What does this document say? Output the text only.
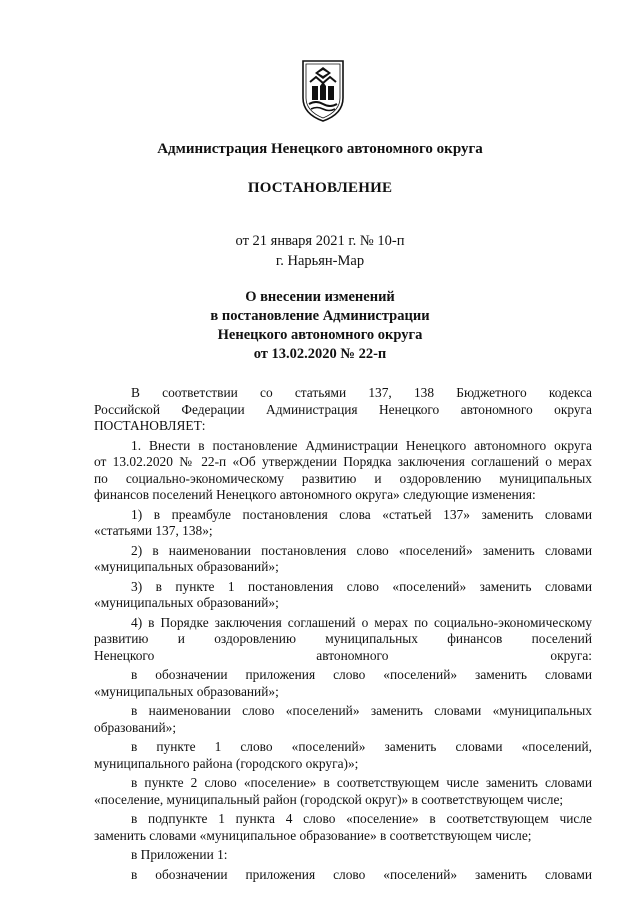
Администрация Ненецкого автономного округа
ПОСТАНОВЛЕНИЕ
от 21 января 2021 г. № 10-п
г. Нарьян-Мар
О внесении изменений
в постановление Администрации
Ненецкого автономного округа
от 13.02.2020 № 22-п
В соответствии со статьями 137, 138 Бюджетного кодекса
Российской Федерации Администрация Ненецкого автономного округа
ПОСТАНОВЛЯЕТ:
1. Внести в постановление Администрации Ненецкого автономного округа
от 13.02.2020 № 22-п «Об утверждении Порядка заключения соглашений о мерах
по социально-экономическому развитию и оздоровлению муниципальных
финансов поселений Ненецкого автономного округа» следующие изменения:
1) в преамбуле постановления слова «статьей 137» заменить словами
«статьями 137, 138»;
2) в наименовании постановления слово «поселений» заменить словами
«муниципальных образований»;
3) в пункте 1 постановления слово «поселений» заменить словами
«муниципальных образований»;
4) в Порядке заключения соглашений о мерах по социально-экономическому
развитию и оздоровлению муниципальных финансов поселений
Ненецкого автономного округа:
в обозначении приложения слово «поселений» заменить словами
«муниципальных образований»;
в наименовании слово «поселений» заменить словами «муниципальных
образований»;
в пункте 1 слово «поселений» заменить словами «поселений,
муниципального района (городского округа)»;
в пункте 2 слово «поселение» в соответствующем числе заменить словами
«поселение, муниципальный район (городской округ)» в соответствующем числе;
в подпункте 1 пункта 4 слово «поселение» в соответствующем числе
заменить словами «муниципальное образование» в соответствующем числе;
в Приложении 1:
в обозначении приложения слово «поселений» заменить словами
